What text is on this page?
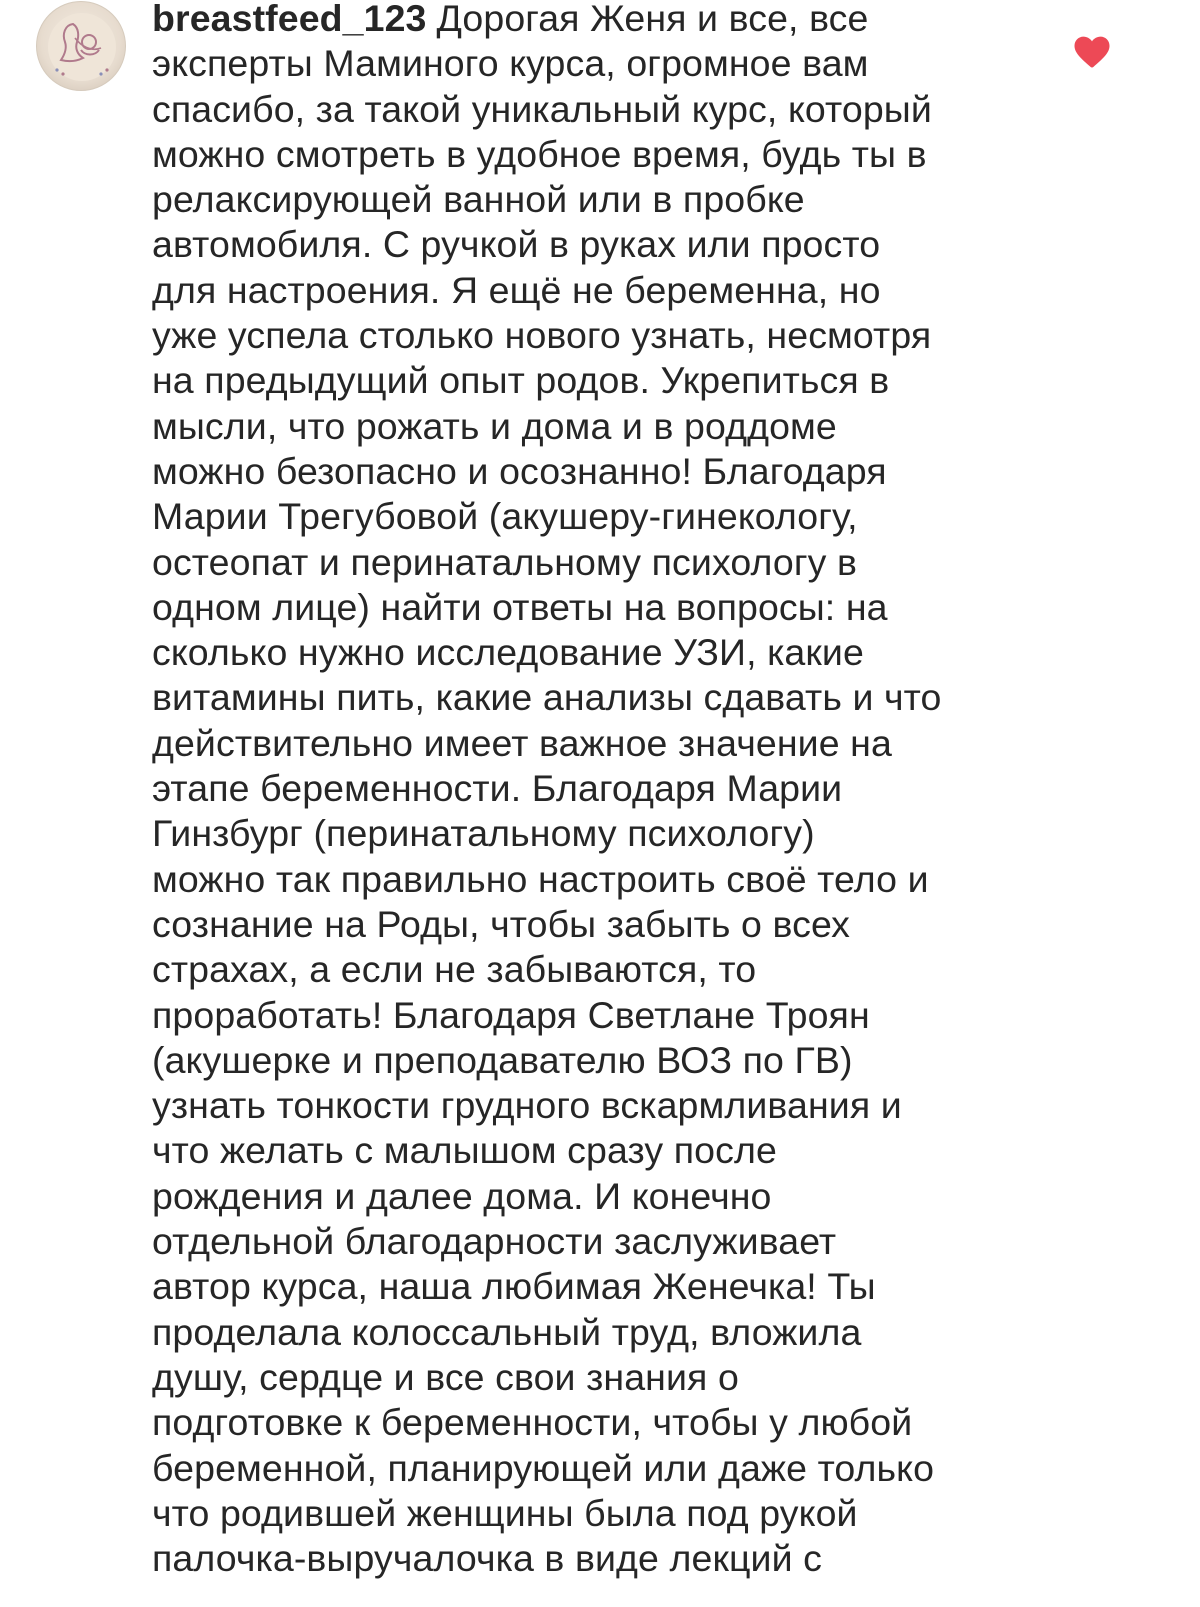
breastfeed_123 Дорогая Женя и все, все
эксперты Маминого курса, огромное вам
спасибо, за такой уникальный курс, который
можно смотреть в удобное время, будь ты в
релаксирующей ванной или в пробке
автомобиля. С ручкой в руках или просто
для настроения. Я ещё не беременна, но
уже успела столько нового узнать, несмотря
на предыдущий опыт родов. Укрепиться в
мысли, что рожать и дома и в роддоме
можно безопасно и осознанно! Благодаря
Марии Трегубовой (акушеру-гинекологу,
остеопат и перинатальному психологу в
одном лице) найти ответы на вопросы: на
сколько нужно исследование УЗИ, какие
витамины пить, какие анализы сдавать и что
действительно имеет важное значение на
этапе беременности. Благодаря Марии
Гинзбург (перинатальному психологу)
можно так правильно настроить своё тело и
сознание на Роды, чтобы забыть о всех
страхах, а если не забываются, то
проработать! Благодаря Светлане Троян
(акушерке и преподавателю ВОЗ по ГВ)
узнать тонкости грудного вскармливания и
что желать с малышом сразу после
рождения и далее дома. И конечно
отдельной благодарности заслуживает
автор курса, наша любимая Женечка! Ты
проделала колоссальный труд, вложила
душу, сердце и все свои знания о
подготовке к беременности, чтобы у любой
беременной, планирующей или даже только
что родившей женщины была под рукой
палочка-выручалочка в виде лекций с
